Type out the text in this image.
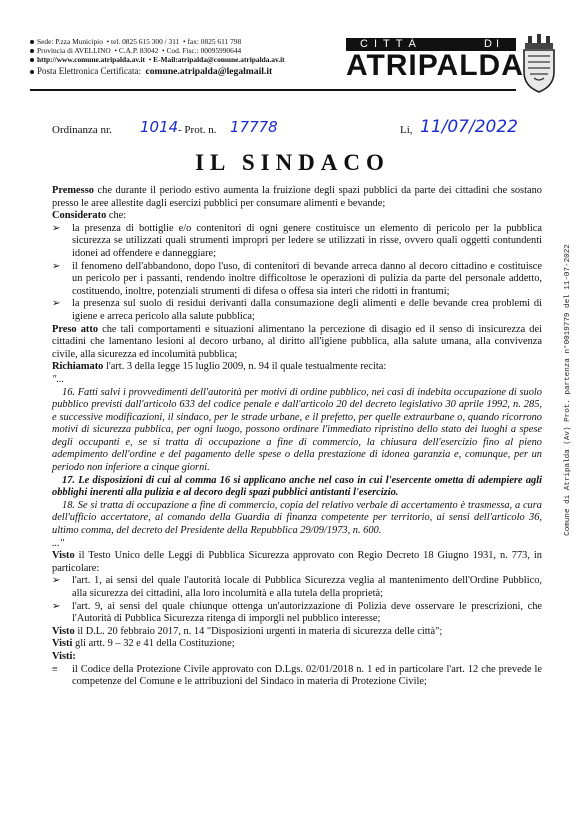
Sede: P.zza Municipio  • tel. 0825 615 300 / 311  • fax: 0825 611 798
Provincia di AVELLINO  • C.A.P. 83042  • Cod. Fisc.: 00095990644
http://www.comune.atripalda.av.it  • E-Mail:atripalda@comune.atripalda.av.it
Posta Elettronica Certificata: comune.atripalda@legalmail.it
CITTÀ	DI
ATRIPALDA
Ordinanza nr. 1014 - Prot. n. 17778	Li, 11/07/2022
IL SINDACO

Premesso che durante il periodo estivo aumenta la fruizione degli spazi pubblici da parte dei cittadini che sostano presso le aree allestite dagli esercizi pubblici per consumare alimenti e bevande;

Considerato che:

➢ la presenza di bottiglie e/o contenitori di ogni genere costituisce un elemento di pericolo per la pubblica sicurezza se utilizzati quali strumenti impropri per ledere se utilizzati in risse, ovvero quali oggetti contundenti idonei ad offendere e danneggiare;
➢ il fenomeno dell'abbandono, dopo l'uso, di contenitori di bevande arreca danno al decoro cittadino e costituisce un pericolo per i passanti, rendendo inoltre difficoltose le operazioni di pulizia da parte del personale addetto, costituendo, inoltre, potenziali strumenti di difesa o offesa sia interi che ridotti in frantumi;
➢ la presenza sul suolo di residui derivanti dalla consumazione degli alimenti e delle bevande crea problemi di igiene e arreca pericolo alla salute pubblica;

Preso atto che tali comportamenti e situazioni alimentano la percezione di disagio ed il senso di insicurezza dei cittadini che lamentano lesioni al decoro urbano, al diritto all'igiene pubblica, alla salute umana, alla convivenza civile, alla sicurezza ed incolumità pubblica;

Richiamato l'art. 3 della legge 15 luglio 2009, n. 94 il quale testualmente recita:

"...

16. Fatti salvi i provvedimenti dell'autorità per motivi di ordine pubblico, nei casi di indebita occupazione di suolo pubblico previsti dall'articolo 633 del codice penale e dall'articolo 20 del decreto legislativo 30 aprile 1992, n. 285, e successive modificazioni, il sindaco, per le strade urbane, e il prefetto, per quelle extraurbane o, quando ricorrono motivi di sicurezza pubblica, per ogni luogo, possono ordinare l'immediato ripristino dello stato dei luoghi a spese degli occupanti e, se si tratta di occupazione a fine di commercio, la chiusura dell'esercizio fino al pieno adempimento dell'ordine e del pagamento delle spese o della prestazione di idonea garanzia e, comunque, per un periodo non inferiore a cinque giorni.

17. Le disposizioni di cui al comma 16 si applicano anche nel caso in cui l'esercente ometta di adempiere agli obblighi inerenti alla pulizia e al decoro degli spazi pubblici antistanti l'esercizio.

18. Se si tratta di occupazione a fine di commercio, copia del relativo verbale di accertamento è trasmessa, a cura dell'ufficio accertatore, al comando della Guardia di finanza competente per territorio, ai sensi dell'articolo 36, ultimo comma, del decreto del Presidente della Repubblica 29/09/1973, n. 600.

..."

Visto il Testo Unico delle Leggi di Pubblica Sicurezza approvato con Regio Decreto 18 Giugno 1931, n. 773, in particolare:

➢ l'art. 1, ai sensi del quale l'autorità locale di Pubblica Sicurezza veglia al mantenimento dell'Ordine Pubblico, alla sicurezza dei cittadini, alla loro incolumità e alla tutela della proprietà;
➢ l'art. 9, ai sensi del quale chiunque ottenga un'autorizzazione di Polizia deve osservare le prescrizioni, che l'Autorità di Pubblica Sicurezza ritenga di imporgli nel pubblico interesse;

Visto il D.L. 20 febbraio 2017, n. 14 "Disposizioni urgenti in materia di sicurezza delle città";

Visti gli artt. 9 – 32 e 41 della Costituzione;

Visti:

≡ il Codice della Protezione Civile approvato con D.Lgs. 02/01/2018 n. 1 ed in particolare l'art. 12 che prevede le competenze del Comune e le attribuzioni del Sindaco in materia di Protezione Civile;
Comune di Atripalda (Av) Prot. partenza n°0019779 del 11-07-2022
